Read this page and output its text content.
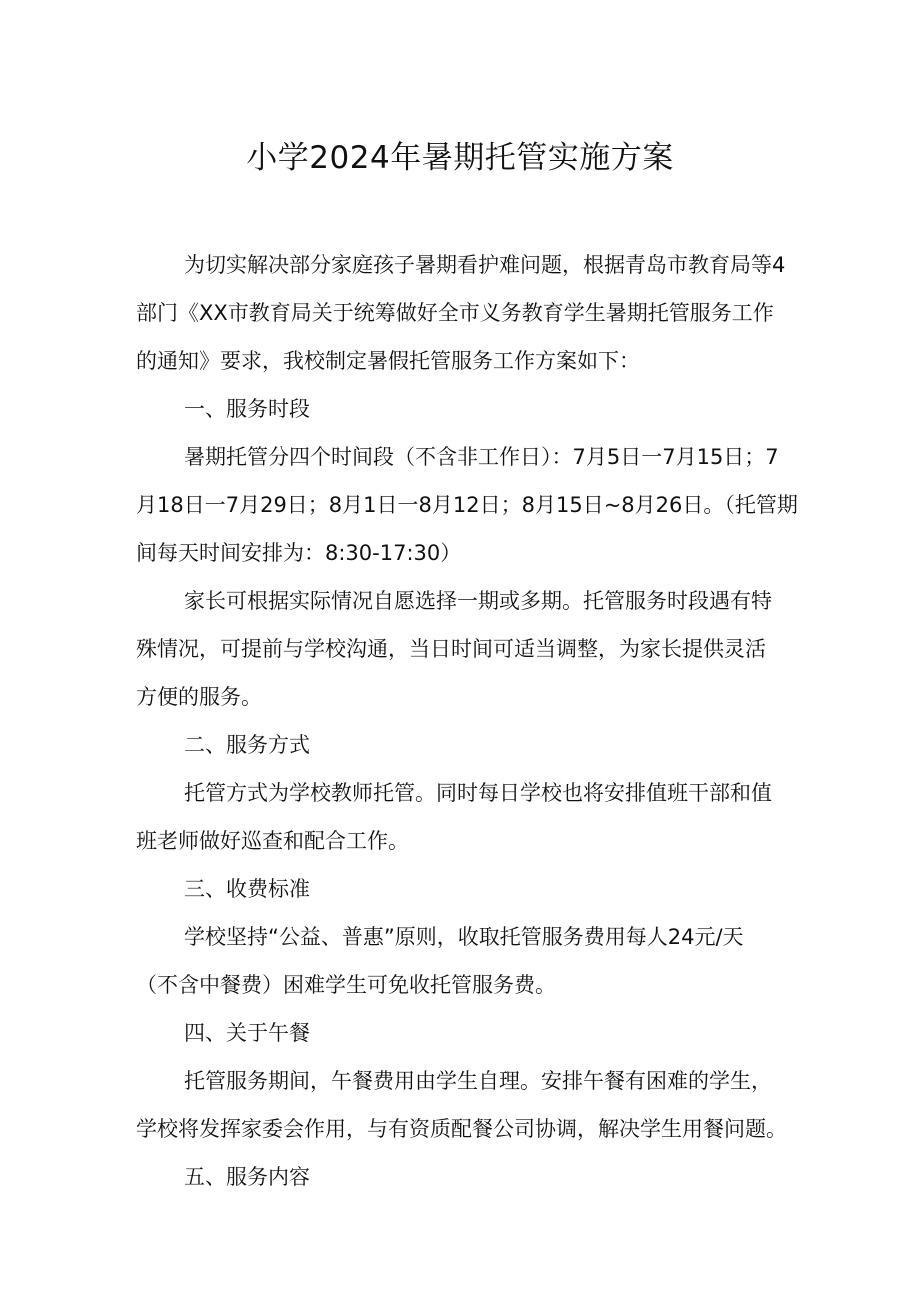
小学2024年暑期托管实施方案

为切实解决部分家庭孩子暑期看护难问题，根据青岛市教育局等4
部门《XX市教育局关于统筹做好全市义务教育学生暑期托管服务工作
的通知》要求，我校制定暑假托管服务工作方案如下：

一、服务时段

暑期托管分四个时间段（不含非工作日）：7月5日一7月15日；7
月18日一7月29日；8月1日一8月12日；8月15日~8月26日。（托管期
间每天时间安排为：8:30-17:30）

家长可根据实际情况自愿选择一期或多期。托管服务时段遇有特
殊情况，可提前与学校沟通，当日时间可适当调整，为家长提供灵活
方便的服务。

二、服务方式

托管方式为学校教师托管。同时每日学校也将安排值班干部和值
班老师做好巡查和配合工作。

三、收费标准

学校坚持“公益、普惠”原则，收取托管服务费用每人24元/天
（不含中餐费）困难学生可免收托管服务费。

四、关于午餐

托管服务期间，午餐费用由学生自理。安排午餐有困难的学生，
学校将发挥家委会作用，与有资质配餐公司协调，解决学生用餐问题。

五、服务内容
